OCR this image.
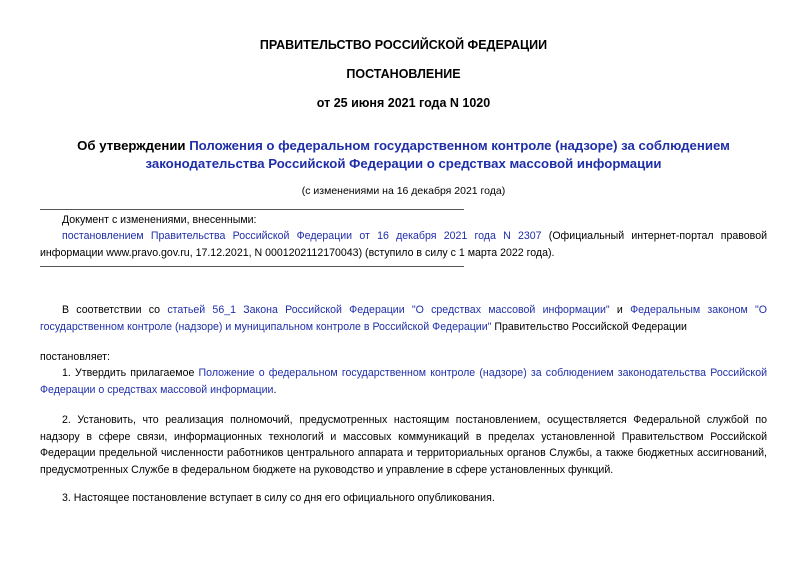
ПРАВИТЕЛЬСТВО РОССИЙСКОЙ ФЕДЕРАЦИИ
ПОСТАНОВЛЕНИЕ
от 25 июня 2021 года N 1020
Об утверждении Положения о федеральном государственном контроле (надзоре) за соблюдением законодательства Российской Федерации о средствах массовой информации
(с изменениями на 16 декабря 2021 года)
Документ с изменениями, внесенными:

постановлением Правительства Российской Федерации от 16 декабря 2021 года N 2307 (Официальный интернет-портал правовой информации www.pravo.gov.ru, 17.12.2021, N 0001202112170043) (вступило в силу с 1 марта 2022 года).

В соответствии со статьей 56_1 Закона Российской Федерации "О средствах массовой информации" и Федеральным законом "О государственном контроле (надзоре) и муниципальном контроле в Российской Федерации" Правительство Российской Федерации

постановляет:

1. Утвердить прилагаемое Положение о федеральном государственном контроле (надзоре) за соблюдением законодательства Российской Федерации о средствах массовой информации.

2. Установить, что реализация полномочий, предусмотренных настоящим постановлением, осуществляется Федеральной службой по надзору в сфере связи, информационных технологий и массовых коммуникаций в пределах установленной Правительством Российской Федерации предельной численности работников центрального аппарата и территориальных органов Службы, а также бюджетных ассигнований, предусмотренных Службе в федеральном бюджете на руководство и управление в сфере установленных функций.

3. Настоящее постановление вступает в силу со дня его официального опубликования.
